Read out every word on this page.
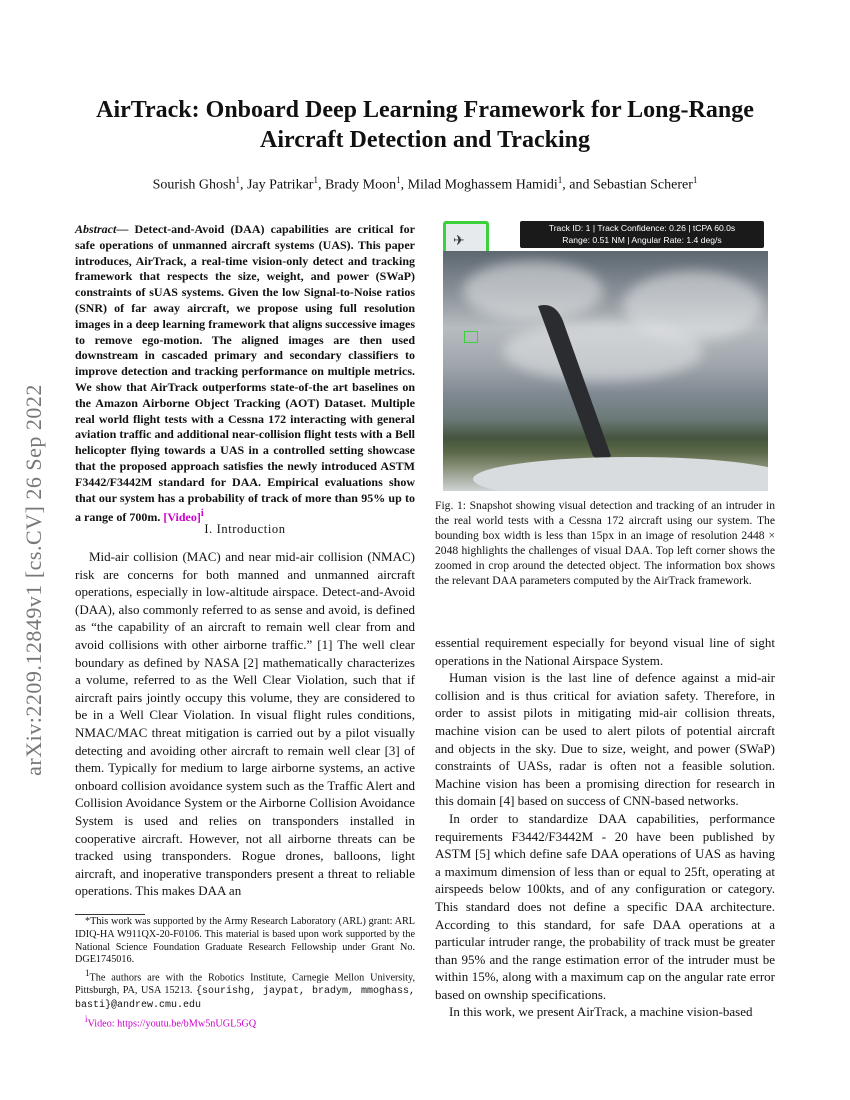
arXiv:2209.12849v1 [cs.CV] 26 Sep 2022
AirTrack: Onboard Deep Learning Framework for Long-Range
Aircraft Detection and Tracking
Sourish Ghosh$^1$, Jay Patrikar$^1$, Brady Moon$^1$, Milad Moghassem Hamidi$^1$, and Sebastian Scherer$^1$
Abstract— Detect-and-Avoid (DAA) capabilities are critical for safe operations of unmanned aircraft systems (UAS). This paper introduces, AirTrack, a real-time vision-only detect and tracking framework that respects the size, weight, and power (SWaP) constraints of sUAS systems. Given the low Signal-to-Noise ratios (SNR) of far away aircraft, we propose using full resolution images in a deep learning framework that aligns successive images to remove ego-motion. The aligned images are then used downstream in cascaded primary and secondary classifiers to improve detection and tracking performance on multiple metrics. We show that AirTrack outperforms state-of-the art baselines on the Amazon Airborne Object Tracking (AOT) Dataset. Multiple real world flight tests with a Cessna 172 interacting with general aviation traffic and additional near-collision flight tests with a Bell helicopter flying towards a UAS in a controlled setting showcase that the proposed approach satisfies the newly introduced ASTM F3442/F3442M standard for DAA. Empirical evaluations show that our system has a probability of track of more than 95% up to a range of 700m. [Video]$^i$
I. Introduction

Mid-air collision (MAC) and near mid-air collision (NMAC) risk are concerns for both manned and unmanned aircraft operations, especially in low-altitude airspace. Detect-and-Avoid (DAA), also commonly referred to as sense and avoid, is defined as “the capability of an aircraft to remain well clear from and avoid collisions with other airborne traffic.” [1] The well clear boundary as defined by NASA [2] mathematically characterizes a volume, referred to as the Well Clear Violation, such that if aircraft pairs jointly occupy this volume, they are considered to be in a Well Clear Violation. In visual flight rules conditions, NMAC/MAC threat mitigation is carried out by a pilot visually detecting and avoiding other aircraft to remain well clear [3] of them. Typically for medium to large airborne systems, an active onboard collision avoidance system such as the Traffic Alert and Collision Avoidance System or the Airborne Collision Avoidance System is used and relies on transponders installed in cooperative aircraft. However, not all airborne threats can be tracked using transponders. Rogue drones, balloons, light aircraft, and inoperative transponders present a threat to reliable operations. This makes DAA an

*This work was supported by the Army Research Laboratory (ARL) grant: ARL IDIQ-HA W911QX-20-F0106. This material is based upon work supported by the National Science Foundation Graduate Research Fellowship under Grant No. DGE1745016.

$^1$The authors are with the Robotics Institute, Carnegie Mellon University, Pittsburgh, PA, USA 15213. {sourishg, jaypat, bradym, mmoghass, basti}@andrew.cmu.edu

$^i$Video: https://youtu.be/bMw5nUGL5GQ

✈
Track ID: 1 | Track Confidence: 0.26 | tCPA 60.0s
Range: 0.51 NM | Angular Rate: 1.4 deg/s
Fig. 1: Snapshot showing visual detection and tracking of an intruder in the real world tests with a Cessna 172 aircraft using our system. The bounding box width is less than 15px in an image of resolution 2448 × 2048 highlights the challenges of visual DAA. Top left corner shows the zoomed in crop around the detected object. The information box shows the relevant DAA parameters computed by the AirTrack framework.

essential requirement especially for beyond visual line of sight operations in the National Airspace System.

Human vision is the last line of defence against a mid-air collision and is thus critical for aviation safety. Therefore, in order to assist pilots in mitigating mid-air collision threats, machine vision can be used to alert pilots of potential aircraft and objects in the sky. Due to size, weight, and power (SWaP) constraints of UASs, radar is often not a feasible solution. Machine vision has been a promising direction for research in this domain [4] based on success of CNN-based networks.

In order to standardize DAA capabilities, performance requirements F3442/F3442M - 20 have been published by ASTM [5] which define safe DAA operations of UAS as having a maximum dimension of less than or equal to 25ft, operating at airspeeds below 100kts, and of any configuration or category. This standard does not define a specific DAA architecture. According to this standard, for safe DAA operations at a particular intruder range, the probability of track must be greater than 95% and the range estimation error of the intruder must be within 15%, along with a maximum cap on the angular rate error based on ownship specifications.

In this work, we present AirTrack, a machine vision-based
